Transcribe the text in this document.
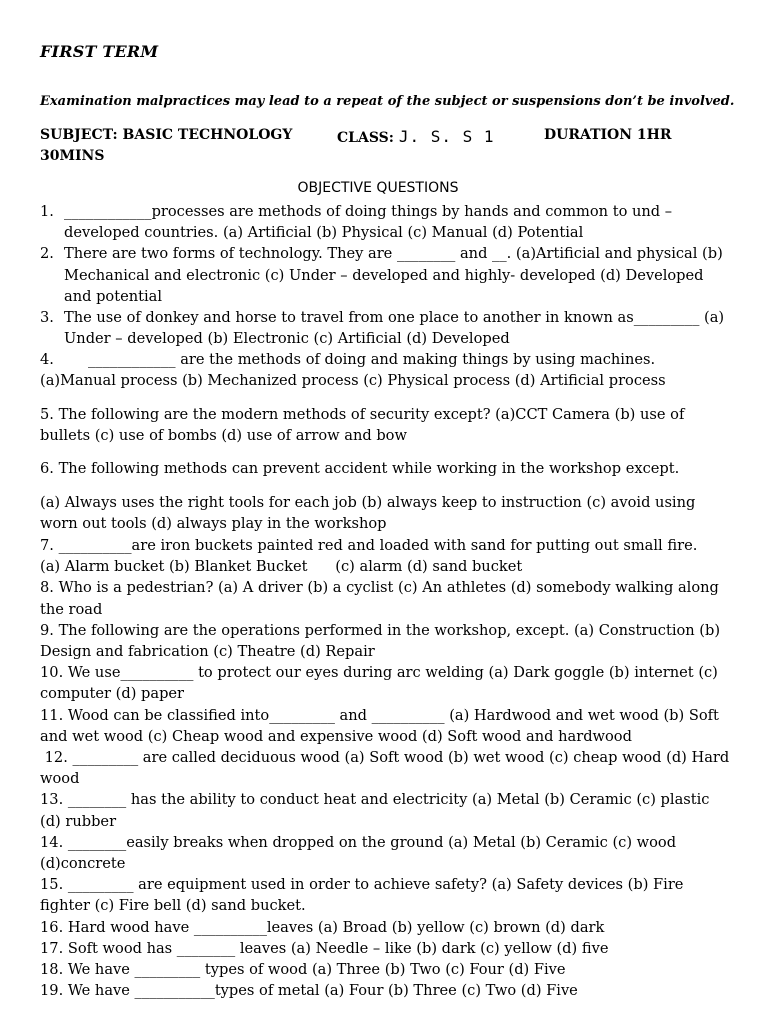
FIRST TERM
Examination malpractices may lead to a repeat of the subject or suspensions don’t be involved.
SUBJECT: BASIC TECHNOLOGY	CLASS: J. S. S 1	DURATION 1HR
30MINS
OBJECTIVE QUESTIONS
1. ____________processes are methods of doing things by hands and common to und – developed countries. (a) Artificial (b) Physical (c) Manual (d) Potential
2. There are two forms of technology. They are ________ and __. (a)Artificial and physical (b) Mechanical and electronic (c) Under – developed and highly- developed (d) Developed and potential
3. The use of donkey and horse to travel from one place to another in known as_________ (a) Under – developed (b) Electronic (c) Artificial (d) Developed
4. ____________ are the methods of doing and making things by using machines. (a)Manual process (b) Mechanized process (c) Physical process (d) Artificial process
5. The following are the modern methods of security except? (a)CCT Camera (b) use of bullets (c) use of bombs (d) use of arrow and bow
6. The following methods can prevent accident while working in the workshop except.
(a) Always uses the right tools for each job (b) always keep to instruction (c) avoid using worn out tools (d) always play in the workshop
7. __________are iron buckets painted red and loaded with sand for putting out small fire.
(a) Alarm bucket (b) Blanket Bucket      (c) alarm (d) sand bucket
8. Who is a pedestrian? (a) A driver (b) a cyclist (c) An athletes (d) somebody walking along the road
9. The following are the operations performed in the workshop, except. (a) Construction (b) Design and fabrication (c) Theatre (d) Repair
10. We use__________ to protect our eyes during arc welding (a) Dark goggle (b) internet (c) computer (d) paper
11. Wood can be classified into_________ and __________ (a) Hardwood and wet wood (b) Soft and wet wood (c) Cheap wood and expensive wood (d) Soft wood and hardwood
12. _________ are called deciduous wood (a) Soft wood (b) wet wood (c) cheap wood (d) Hard wood
13. ________ has the ability to conduct heat and electricity (a) Metal (b) Ceramic (c) plastic (d) rubber
14. ________easily breaks when dropped on the ground (a) Metal (b) Ceramic (c) wood (d)concrete
15. _________ are equipment used in order to achieve safety? (a) Safety devices (b) Fire fighter (c) Fire bell (d) sand bucket.
16. Hard wood have __________leaves (a) Broad (b) yellow (c) brown (d) dark
17. Soft wood has ________ leaves (a) Needle – like (b) dark (c) yellow (d) five
18. We have _________ types of wood (a) Three (b) Two (c) Four (d) Five
19. We have ___________types of metal (a) Four (b) Three (c) Two (d) Five
